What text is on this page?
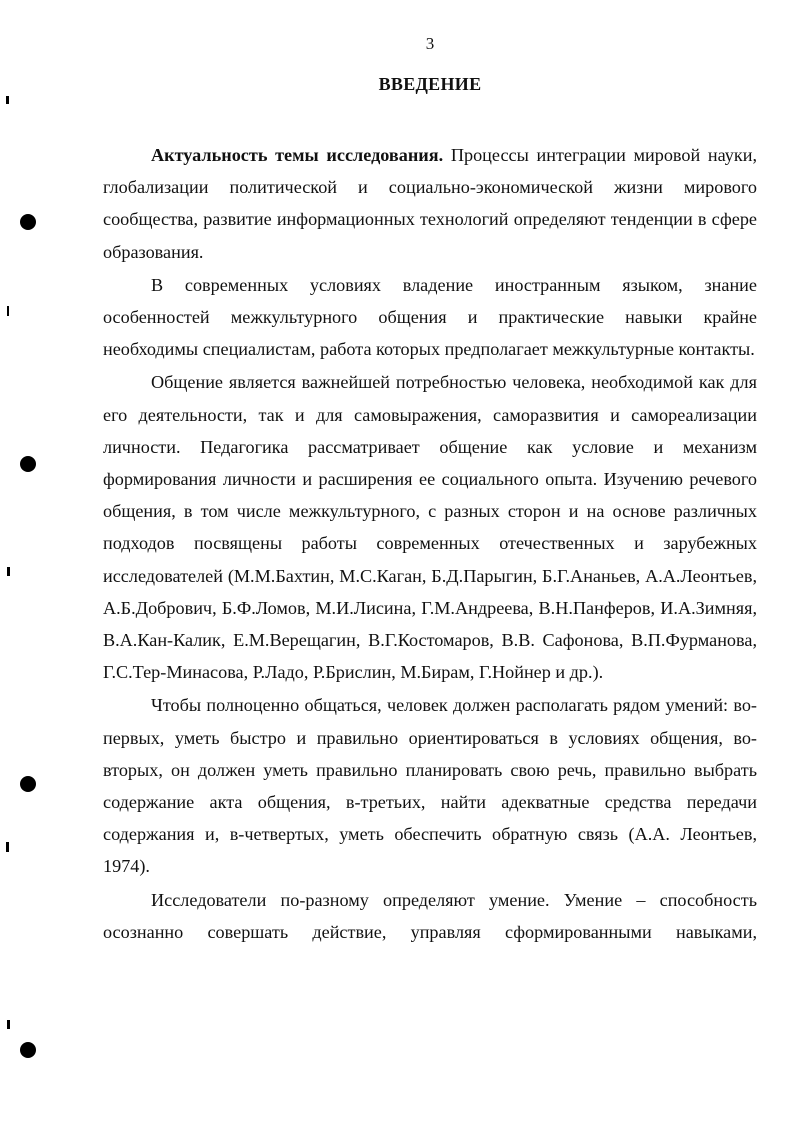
3
ВВЕДЕНИЕ

Актуальность темы исследования. Процессы интеграции мировой науки, глобализации политической и социально-экономической жизни мирового сообщества, развитие информационных технологий определяют тенденции в сфере образования.

В современных условиях владение иностранным языком, знание особенностей межкультурного общения и практические навыки крайне необходимы специалистам, работа которых предполагает межкультурные контакты.

Общение является важнейшей потребностью человека, необходимой как для его деятельности, так и для самовыражения, саморазвития и самореализации личности. Педагогика рассматривает общение как условие и механизм формирования личности и расширения ее социального опыта. Изучению речевого общения, в том числе межкультурного, с разных сторон и на основе различных подходов посвящены работы современных отечественных и зарубежных исследователей (М.М.Бахтин, М.С.Каган, Б.Д.Парыгин, Б.Г.Ананьев, А.А.Леонтьев, А.Б.Добрович, Б.Ф.Ломов, М.И.Лисина, Г.М.Андреева, В.Н.Панферов, И.А.Зимняя, В.А.Кан-Калик, Е.М.Верещагин, В.Г.Костомаров, В.В. Сафонова, В.П.Фурманова, Г.С.Тер-Минасова, Р.Ладо, Р.Брислин, М.Бирам, Г.Нойнер и др.).

Чтобы полноценно общаться, человек должен располагать рядом умений: во-первых, уметь быстро и правильно ориентироваться в условиях общения, во-вторых, он должен уметь правильно планировать свою речь, правильно выбрать содержание акта общения, в-третьих, найти адекватные средства передачи содержания и, в-четвертых, уметь обеспечить обратную связь (А.А. Леонтьев, 1974).

Исследователи по-разному определяют умение. Умение – способность осознанно совершать действие, управляя сформированными навыками,
